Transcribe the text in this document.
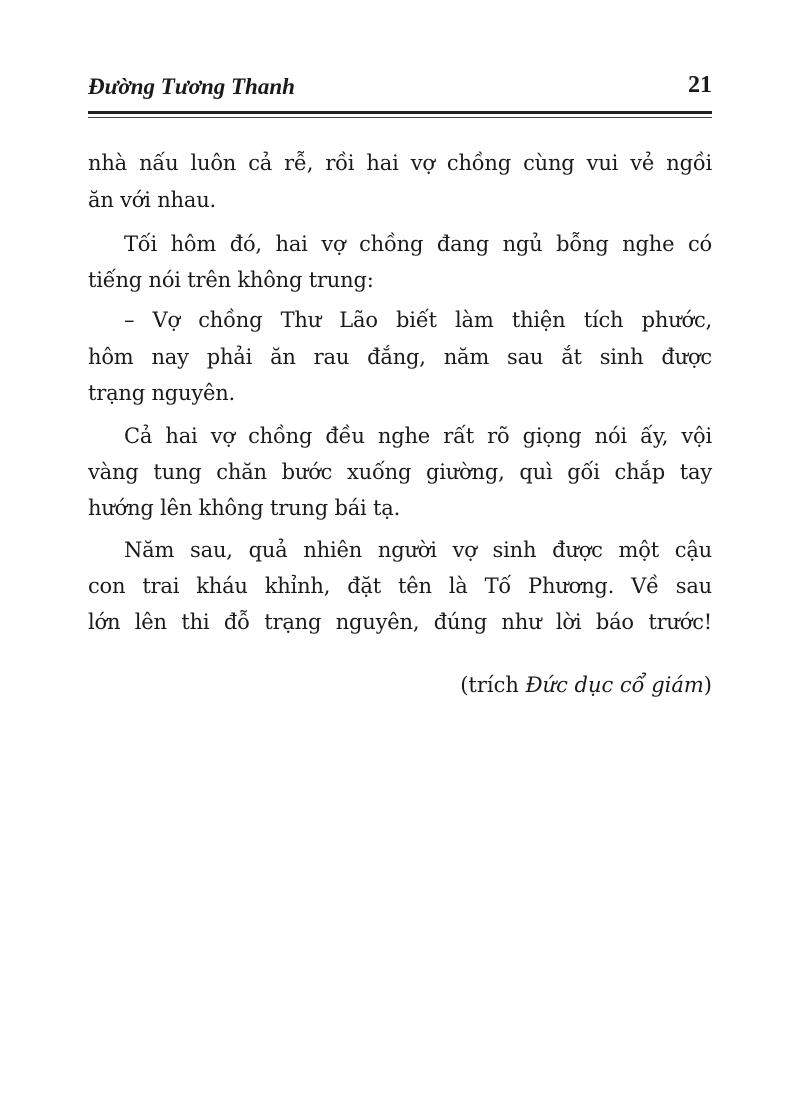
Đường Tương Thanh	21
nhà nấu luôn cả rễ, rồi hai vợ chồng cùng vui vẻ ngồi
ăn với nhau.
Tối hôm đó, hai vợ chồng đang ngủ bỗng nghe có
tiếng nói trên không trung:
– Vợ chồng Thư Lão biết làm thiện tích phước,
hôm nay phải ăn rau đắng, năm sau ắt sinh được
trạng nguyên.
Cả hai vợ chồng đều nghe rất rõ giọng nói ấy, vội
vàng tung chăn bước xuống giường, quì gối chắp tay
hướng lên không trung bái tạ.
Năm sau, quả nhiên người vợ sinh được một cậu
con trai kháu khỉnh, đặt tên là Tố Phương. Về sau
lớn lên thi đỗ trạng nguyên, đúng như lời báo trước!
(trích Đức dục cổ giám)
